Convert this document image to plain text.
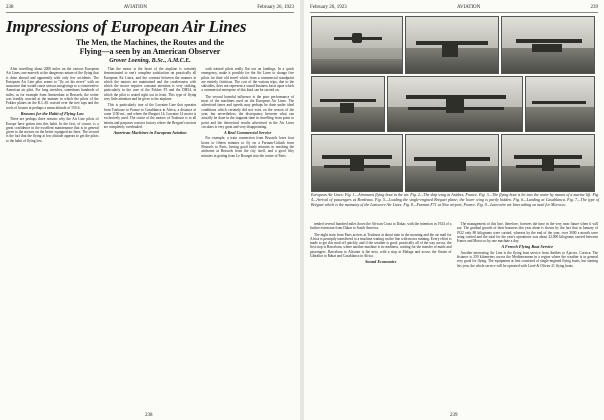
238	AVIATION	February 26, 1923
Impressions of European Air Lines
The Men, the Machines, the Routes and the
Flying—a seen by an American Observer
Grover Loening, B.Sc., A.M.C.E.

After travelling about 2000 miles on the various European Air Lines, one marvels at the dangerous nature of the flying that is done abroad and apparently with only few accidents. The European Air Line pilot seems to "fly on his nerve" with an assurance that would cause serious misgivings to a conservative American air pilot. For long stretches, sometimes hundreds of miles, as for example from Amsterdam to Brussels, the writer was frankly worried at the manner in which the pilots of the Fokker planes on the K.L.M. cruised over the tree tops and the roofs of houses at perhaps a mean altitude of 150 ft.

Reasons for the Habit of Flying Low

There are perhaps three reasons why the Air Line pilots of Europe have gotten into this habit. In the first, of course, is a great confidence in the excellent maintenance that is in general given to the motors on the better equipped air lines. The second is the fact that the flying at low altitude appears to get the pilots to the habit of flying low.

That the motor is the heart of the airplane is certainly demonstrated to one's complete satisfaction on practically all European Air Lines, and the contrast between the manner in which the motors are maintained and the carelessness with which the motor requires constant attention is very striking, particularly in the case of the Fokker F3 and the DH34, in which the pilot is seated right out in front. This type of flying very little attention and he gives to the airplane.

This is particularly true of the Lorraine Line that operates from Toulouse to France to Casablanca in Africa, a distance of some 1150 mi., and where the Breguet 14, Lorraine 14 motor is exclusively used. The cruise of the motors of Toulouse is to all intents and purposes a motor factory where the Breguet's motors are completely overhauled.

American Machines in European Aviation

with trained pilots really flat out on landings. In a quick emergency, make it possible for the Air Lines to change five pilots for their old travel which from a commercial standpoint are entirely fictitious. The cost of the various trips, due to the subsidies, does not represent a sound business basis upon which a commercial enterprise of this kind can be carried on.

The second harmful influence is the poor performance of most of the machines used on the European Air Lines. The advertised times and speeds may perhaps be done under ideal conditions which certainly did not exist on the season of the year, but nevertheless, the discrepancy between what can actually be done in the stagnant time in travelling from point to point and the theoretical results advertised in the Air Lines circulars is very great and very disappointing.

A Real Commercial Service

For example, a train connection from Brussels loses four hours to fifteen minutes to fly on a Farman-Goliath from Brussels to Paris, having good fairly minutes in reaching the airdrome at Brussels from the city itself, and a good fifty minutes in getting from Le Bourget into the center of Paris.

238
February 26, 1923	AVIATION	239
European Air Lines: Fig. 1—Airomarts flying boat in the air. Fig. 2—The ship wing at Antibes, France. Fig. 3—The flying boat is let into the water by means of a marine lift. Fig. 4—Arrival of passengers at Bordeaux. Fig. 5—Loading the single-engined Breguet plane; the lower wing is partly hidden. Fig. 6—Landing at Casablanca. Fig. 7—The type of Bréguet which is the mainstay of the Lattocore Air Lines. Fig. 8—Farman F71 at Nice airport, France. Fig. 9—Latecoère air liner taking on mail for Morocco.

tended several hundred miles down the African Coast to Dakar, with the intention in 1924 of a further extension from Dakar to South America.

The night train from Paris arrives at Toulouse at about nine in the morning and the air mail for Africa is promptly transferred to a machine waiting on the line with motor running. Every effort is made to get this mail off quickly, and if the weather is good, practically all of the way across, the first stop is Barcelona, where another machine is in readiness, waiting for the transfer of mails and passengers. Barcelona to Alicante is the next, with a stop at Malaga and across the Straits of Gibraltar to Rabat and Casablanca in Africa.

Sound Economics

The management of this line, therefore, foresees the time in the very near future when it will pay. The gradual growth of their business this year alone is shown by the fact that in January of 1922 only 80 kilograms were carried, whereas by the end of the year, over 3000 a month were being carried and the total for the year's operations was about 22,000 kilograms carried between France and Morocco by one machine a day.

A French Flying Boat Service

Another interesting Air Line is the flying boat service from Antibes to Ajaccio, Corsica. The distance is 250 kilometers across the Mediterranean in a region where the weather is in general very good for flying. The equipment at first consisted of single-engined flying boats, but starting this year, the whole service will be operated with Lioré & Olivier 21 flying boats.

239
